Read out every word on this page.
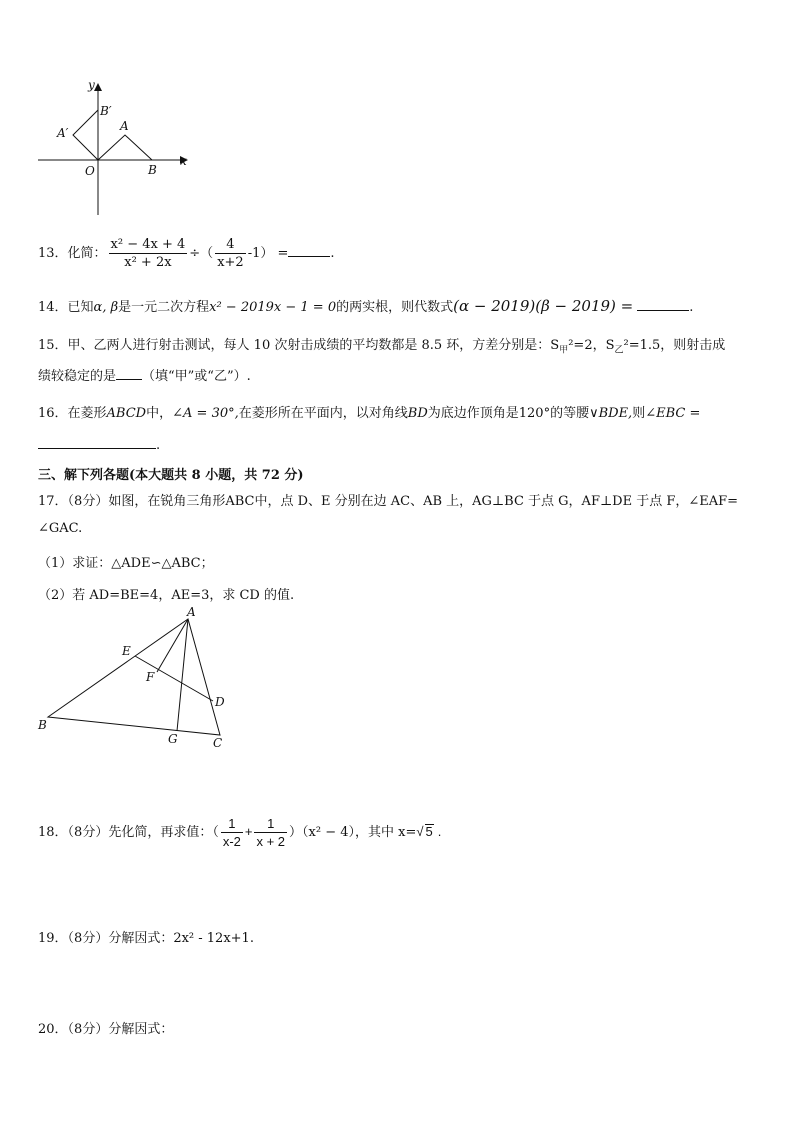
y
x
O
A
B
A′
B′
13．化简： $\frac{\text{x² − 4x + 4}}{\text{x² + 2x}}$ ÷（ $\frac{4}{x+2} -1$） =	.
14．已知α, β是一元二次方程x² − 2019x − 1 = 0的两实根，则代数式(α − 2019)(β − 2019) =	.
15．甲、乙两人进行射击测试，每人 10 次射击成绩的平均数都是 8.5 环，方差分别是：$S_甲^2=2$，$S_乙^2=1.5$，则射击成
绩较稳定的是 （填“甲”或“乙”）.
16．在菱形ABCD中，∠A = 30°,在菱形所在平面内，以对角线BD为底边作顶角是120°的等腰∨BDE,则∠EBC =
.
三、解下列各题(本大题共 8 小题，共 72 分)
17．（8分）如图，在锐角三角形ABC中，点 D、E 分别在边 AC、AB 上，AG⊥BC 于点 G，AF⊥DE 于点 F，∠EAF=
∠GAC.
（1）求证：△ADE∽△ABC；
（2）若 AD=BE=4，AE=3，求 CD 的值.
A
E
F
D
B
G	C
18．（8分）先化简，再求值：（ $\frac{1}{x-2} + \frac{1}{x + 2} )(x^2 - 4)$，其中 x=√ 5 .
19．（8分）分解因式：2x² - 12x+1.
20．（8分）分解因式：
